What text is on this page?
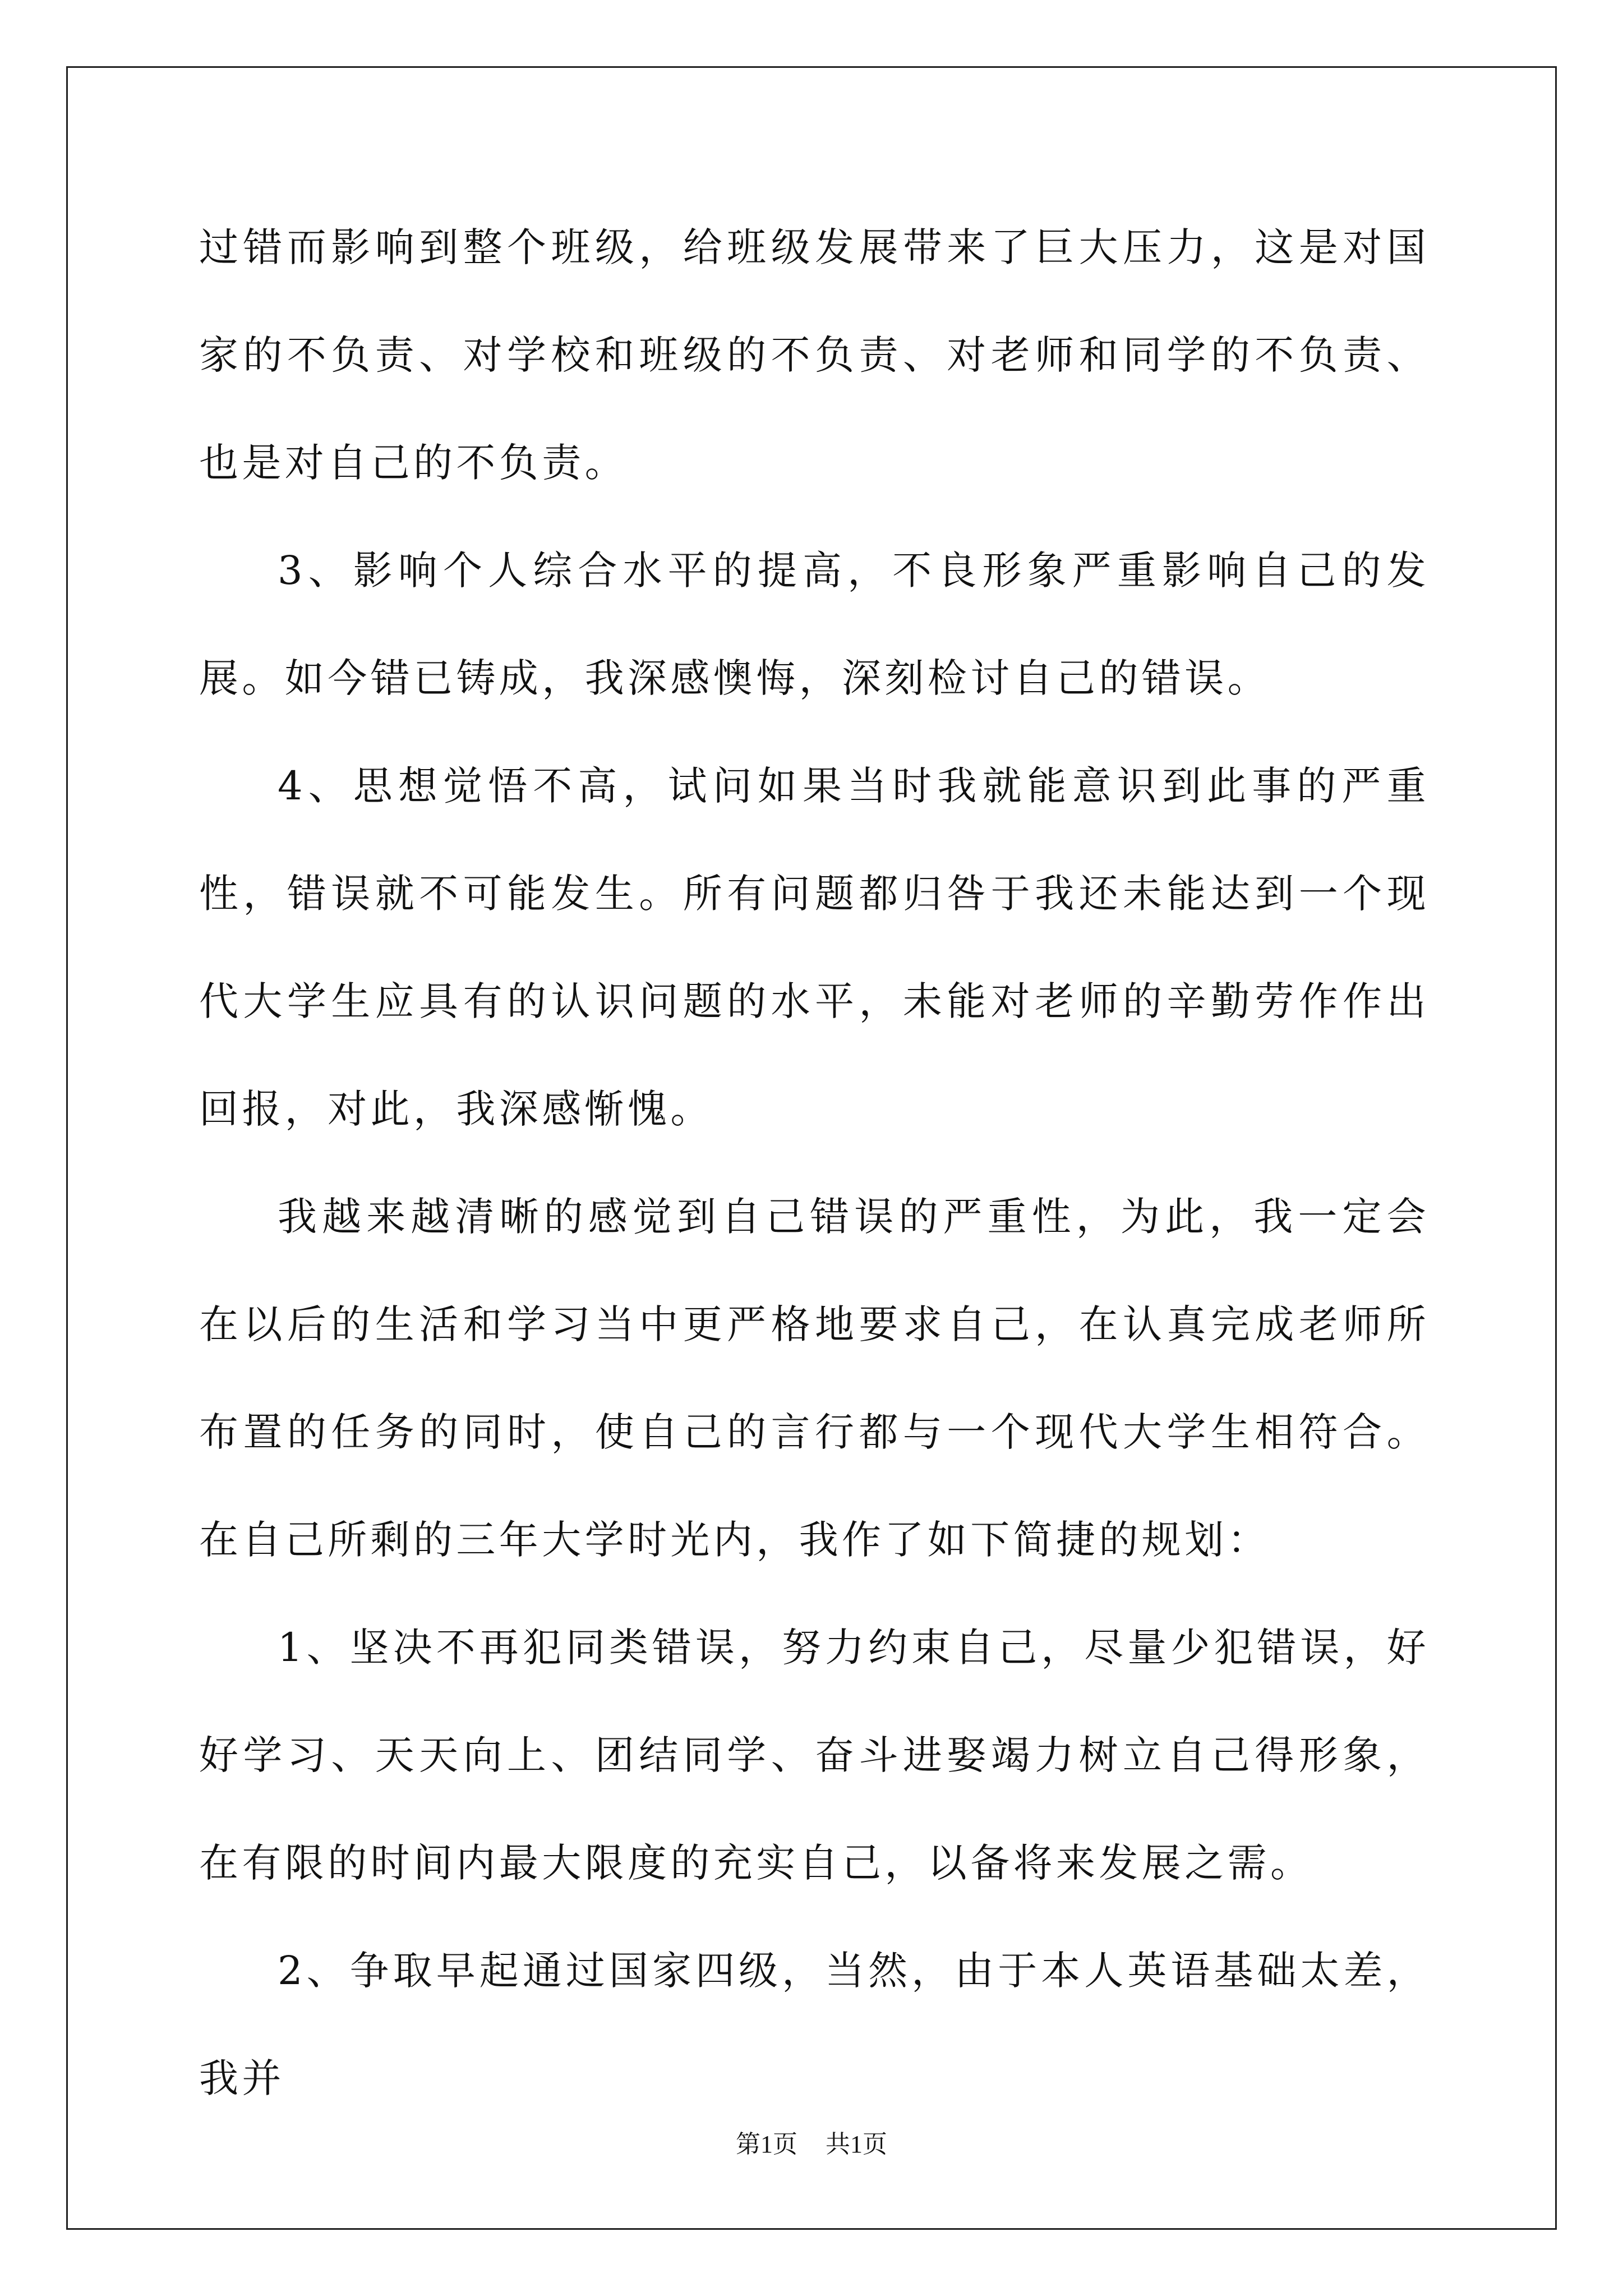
过错而影响到整个班级，给班级发展带来了巨大压力，这是对国家的不负责、对学校和班级的不负责、对老师和同学的不负责、也是对自己的不负责。

3、影响个人综合水平的提高，不良形象严重影响自己的发展。如今错已铸成，我深感懊悔，深刻检讨自己的错误。

4、思想觉悟不高，试问如果当时我就能意识到此事的严重性，错误就不可能发生。所有问题都归咎于我还未能达到一个现代大学生应具有的认识问题的水平，未能对老师的辛勤劳作作出回报，对此，我深感惭愧。

我越来越清晰的感觉到自己错误的严重性，为此，我一定会在以后的生活和学习当中更严格地要求自己，在认真完成老师所布置的任务的同时，使自己的言行都与一个现代大学生相符合。在自己所剩的三年大学时光内，我作了如下简捷的规划：

1、坚决不再犯同类错误，努力约束自己，尽量少犯错误，好好学习、天天向上、团结同学、奋斗进娶竭力树立自己得形象，在有限的时间内最大限度的充实自己，以备将来发展之需。

2、争取早起通过国家四级，当然，由于本人英语基础太差，我并

第1页 共1页
